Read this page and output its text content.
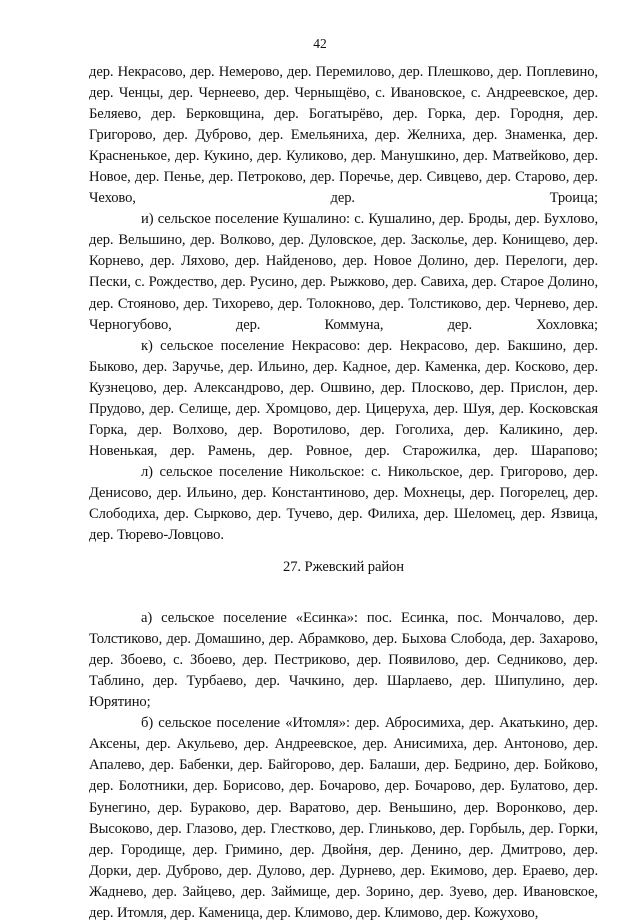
42

дер. Некрасово, дер. Немерово, дер. Перемилово, дер. Плешково, дер. Поплевино, дер. Ченцы, дер. Чернеево, дер. Черныщёво, с. Ивановское, с. Андреевское, дер. Беляево, дер. Берковщина, дер. Богатырёво, дер. Горка, дер. Городня, дер. Григорово, дер. Дуброво, дер. Емельяниха, дер. Желниха, дер. Знаменка, дер. Красненькое, дер. Кукино, дер. Куликово, дер. Манушкино, дер. Матвейково, дер. Новое, дер. Пенье, дер. Петроково, дер. Поречье, дер. Сивцево, дер. Старово, дер. Чехово, дер. Троица;

и) сельское поселение Кушалино: с. Кушалино, дер. Броды, дер. Бухлово, дер. Вельшино, дер. Волково, дер. Дуловское, дер. Засколье, дер. Конищево, дер. Корнево, дер. Ляхово, дер. Найденово, дер. Новое Долино, дер. Перелоги, дер. Пески, с. Рождество, дер. Русино, дер. Рыжково, дер. Савиха, дер. Старое Долино, дер. Стояново, дер. Тихорево, дер. Толокново, дер. Толстиково, дер. Чернево, дер. Черногубово, дер. Коммуна, дер. Хохловка;

к) сельское поселение Некрасово: дер. Некрасово, дер. Бакшино, дер. Быково, дер. Заручье, дер. Ильино, дер. Кадное, дер. Каменка, дер. Косково, дер. Кузнецово, дер. Александрово, дер. Ошвино, дер. Плосково, дер. Прислон, дер. Прудово, дер. Селище, дер. Хромцово, дер. Цицеруха, дер. Шуя, дер. Косковская Горка, дер. Волхово, дер. Воротилово, дер. Гоголиха, дер. Каликино, дер. Новенькая, дер. Рамень, дер. Ровное, дер. Старожилка, дер. Шарапово;

л) сельское поселение Никольское: с. Никольское, дер. Григорово, дер. Денисово, дер. Ильино, дер. Константиново, дер. Мохнецы, дер. Погорелец, дер. Слободиха, дер. Сырково, дер. Тучево, дер. Филиха, дер. Шеломец, дер. Язвица, дер. Тюрево-Ловцово.

27. Ржевский район

а) сельское поселение «Есинка»: пос. Есинка, пос. Мончалово, дер. Толстиково, дер. Домашино, дер. Абрамково, дер. Быхова Слобода, дер. Захарово, дер. Збоево, с. Збоево, дер. Пестриково, дер. Появилово, дер. Седниково, дер. Таблино, дер. Турбаево, дер. Чачкино, дер. Шарлаево, дер. Шипулино, дер. Юрятино;

б) сельское поселение «Итомля»: дер. Абросимиха, дер. Акатькино, дер. Аксены, дер. Акульево, дер. Андреевское, дер. Анисимиха, дер. Антоново, дер. Апалево, дер. Бабенки, дер. Байгорово, дер. Балаши, дер. Бедрино, дер. Бойково, дер. Болотники, дер. Борисово, дер. Бочарово, дер. Бочарово, дер. Булатово, дер. Бунегино, дер. Бураково, дер. Варатово, дер. Веньшино, дер. Воронково, дер. Высоково, дер. Глазово, дер. Глестково, дер. Глиньково, дер. Горбыль, дер. Горки, дер. Городище, дер. Гримино, дер. Двойня, дер. Денино, дер. Дмитрово, дер. Дорки, дер. Дуброво, дер. Дулово, дер. Дурнево, дер. Екимово, дер. Ераево, дер. Жаднево, дер. Зайцево, дер. Займище, дер. Зорино, дер. Зуево, дер. Ивановское, дер. Итомля, дер. Каменица, дер. Климово, дер. Климово, дер. Кожухово,
